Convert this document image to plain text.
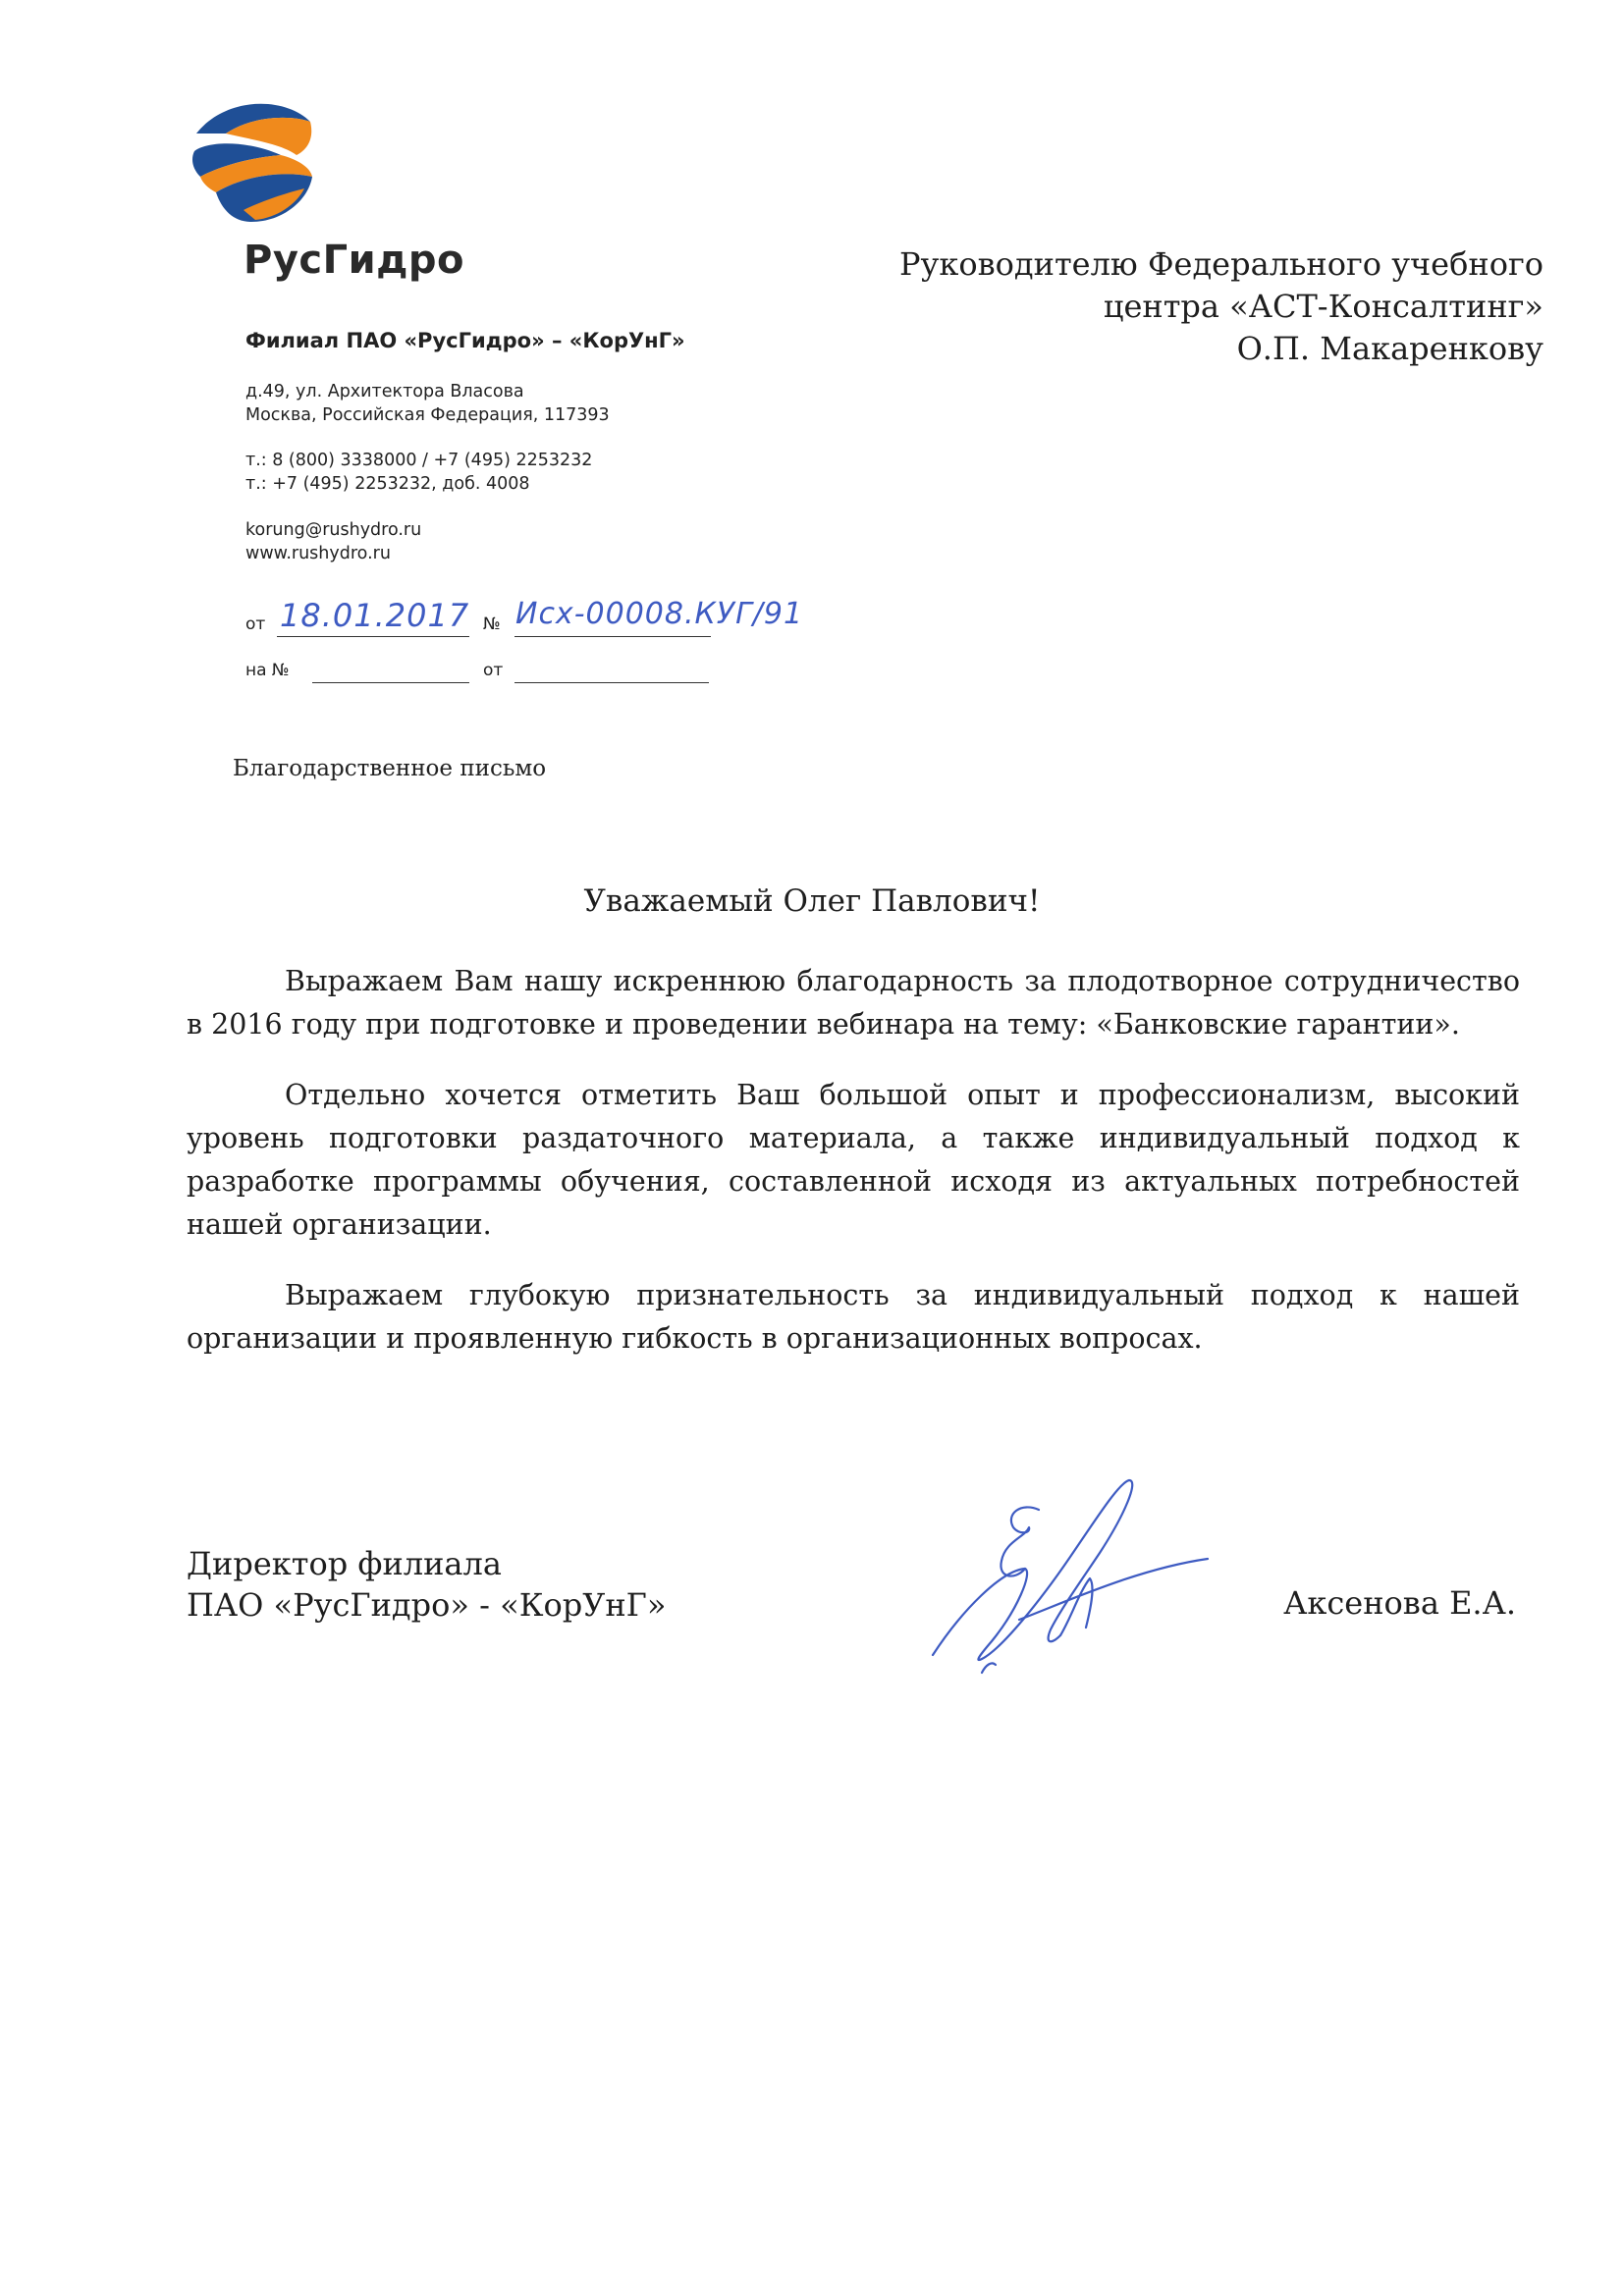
РусГидро
Филиал ПАО «РусГидро» – «КорУнГ»
д.49, ул. Архитектора Власова
Москва, Российская Федерация, 117393
т.: 8 (800) 3338000 / +7 (495) 2253232
т.: +7 (495) 2253232, доб. 4008
korung@rushydro.ru
www.rushydro.ru
от 18.01.2017 № Исх-00008.КУГ/91
на №	от
Руководителю Федерального учебного
центра «АСТ-Консалтинг»
О.П. Макаренкову
Благодарственное письмо
Уважаемый Олег Павлович!

Выражаем Вам нашу искреннюю благодарность за плодотворное сотрудничество в 2016 году при подготовке и проведении вебинара на тему: «Банковские гарантии».

Отдельно хочется отметить Ваш большой опыт и профессионализм, высокий уровень подготовки раздаточного материала, а также индивидуальный подход к разработке программы обучения, составленной исходя из актуальных потребностей нашей организации.

Выражаем глубокую признательность за индивидуальный подход к нашей организации и проявленную гибкость в организационных вопросах.

Директор филиала
ПАО «РусГидро» - «КорУнГ»	Аксенова Е.А.
